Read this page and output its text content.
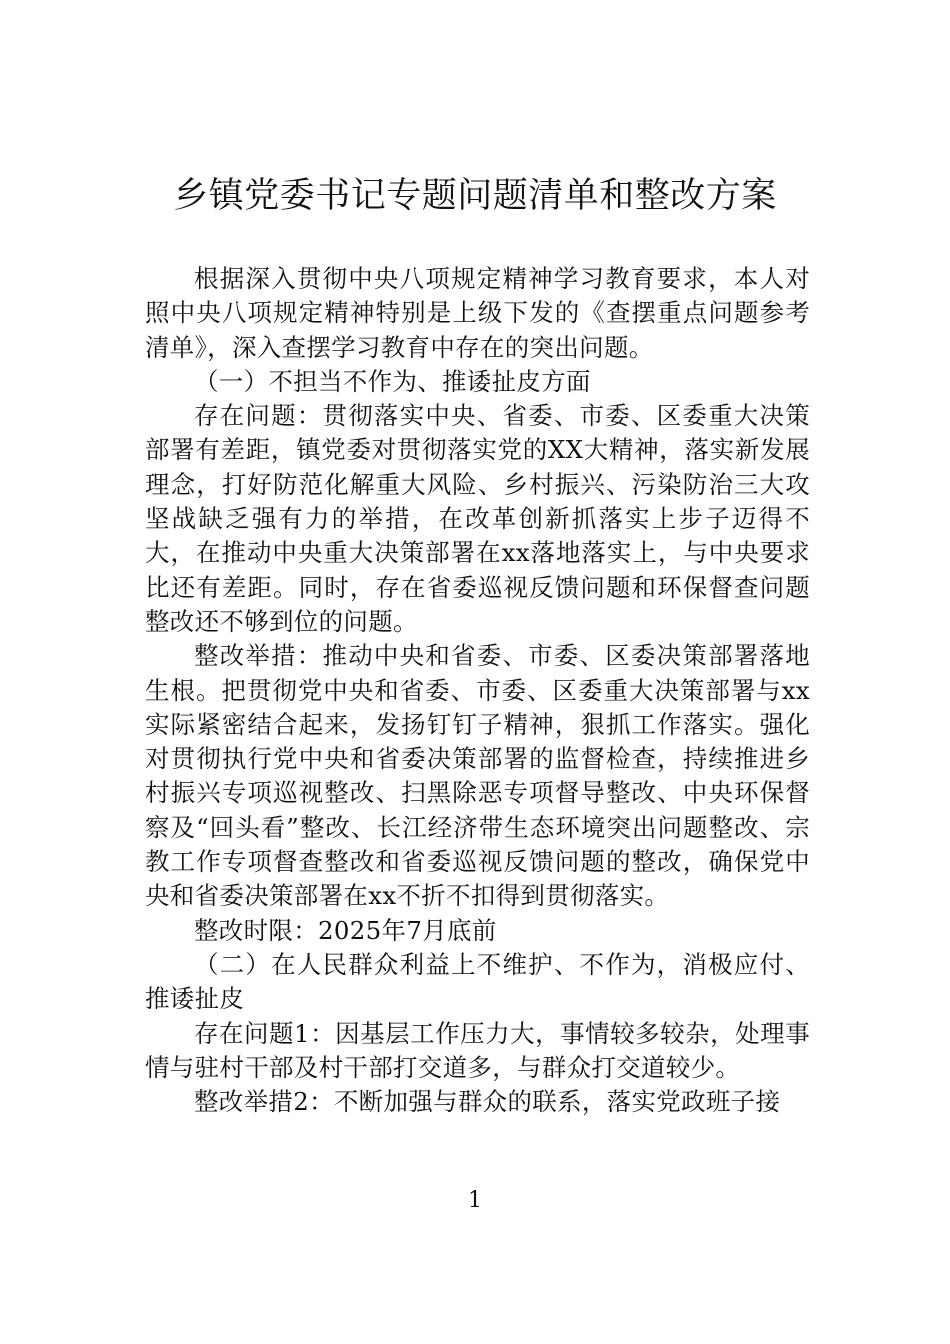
乡镇党委书记专题问题清单和整改方案

根据深入贯彻中央八项规定精神学习教育要求，本人对照中央八项规定精神特别是上级下发的《查摆重点问题参考清单》，深入查摆学习教育中存在的突出问题。

（一）不担当不作为、推诿扯皮方面

存在问题：贯彻落实中央、省委、市委、区委重大决策部署有差距，镇党委对贯彻落实党的XX大精神，落实新发展理念，打好防范化解重大风险、乡村振兴、污染防治三大攻坚战缺乏强有力的举措，在改革创新抓落实上步子迈得不大，在推动中央重大决策部署在xx落地落实上，与中央要求比还有差距。同时，存在省委巡视反馈问题和环保督查问题整改还不够到位的问题。

整改举措：推动中央和省委、市委、区委决策部署落地生根。把贯彻党中央和省委、市委、区委重大决策部署与xx实际紧密结合起来，发扬钉钉子精神，狠抓工作落实。强化对贯彻执行党中央和省委决策部署的监督检查，持续推进乡村振兴专项巡视整改、扫黑除恶专项督导整改、中央环保督察及“回头看”整改、长江经济带生态环境突出问题整改、宗教工作专项督查整改和省委巡视反馈问题的整改，确保党中央和省委决策部署在xx不折不扣得到贯彻落实。

整改时限：2025年7月底前

（二）在人民群众利益上不维护、不作为，消极应付、推诿扯皮

存在问题1：因基层工作压力大，事情较多较杂，处理事情与驻村干部及村干部打交道多，与群众打交道较少。

整改举措2：不断加强与群众的联系，落实党政班子接

1
